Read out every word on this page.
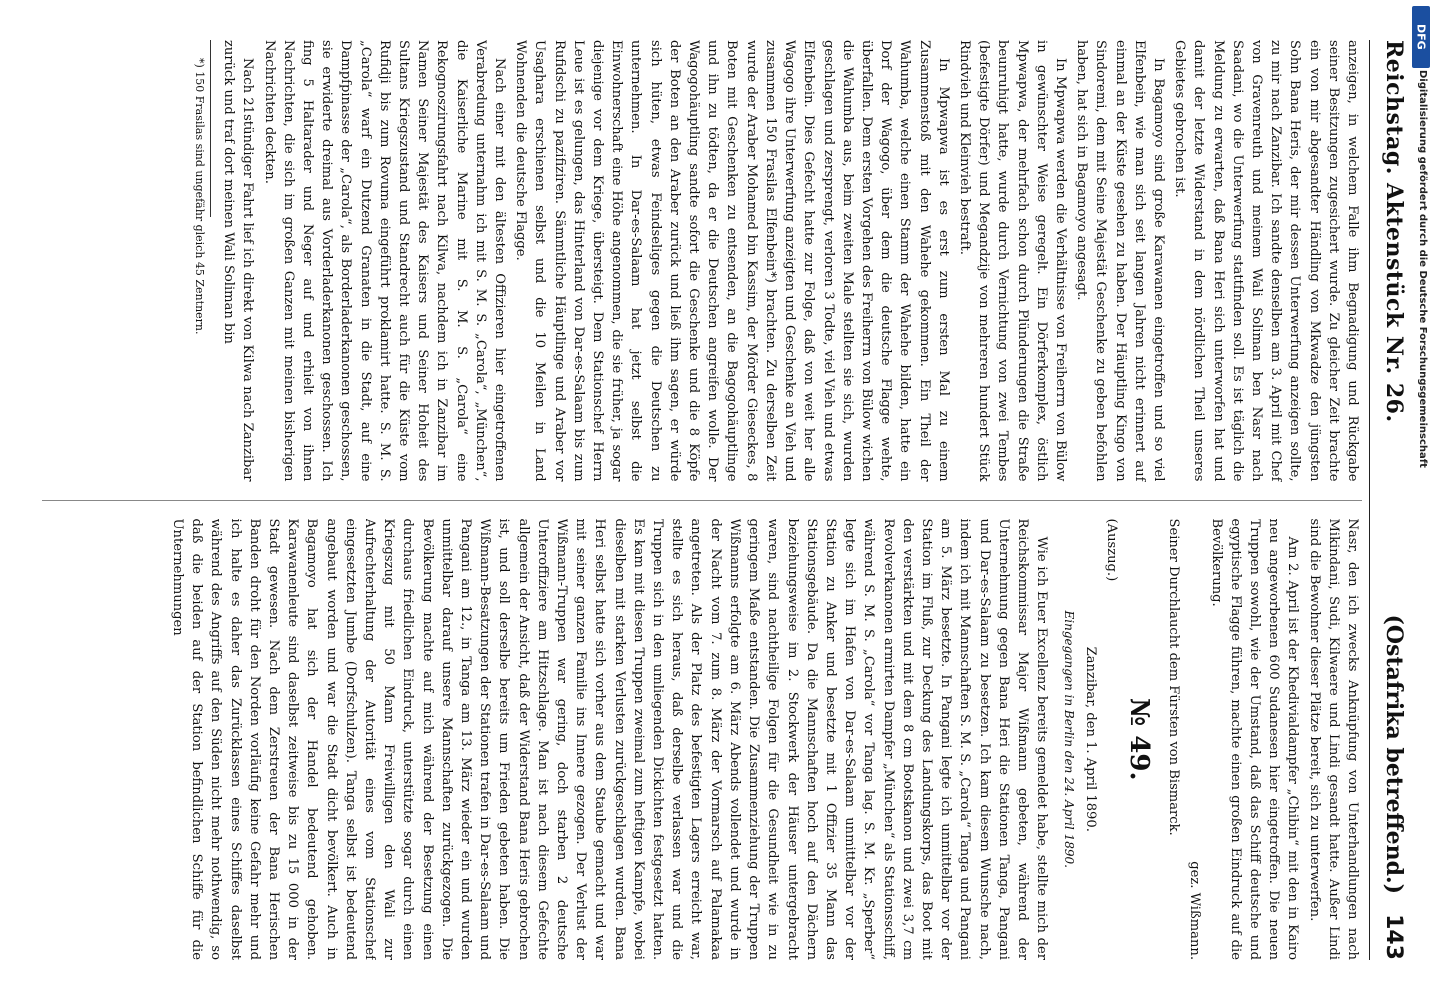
Reichstag. Aktenstück Nr. 26.
(Ostafrika betreffend.)
143

anzeigen, in welchem Falle ihm Begnadigung und Rückgabe seiner Besitzungen zugesichert wurde. Zu gleicher Zeit brachte ein von mir abgesandter Händling von Mkwadze den jüngsten Sohn Bana Heris, der mir dessen Unterwerfung anzeigen sollte, zu mir nach Zanzibar. Ich sandte denselben am 3. April mit Chef von Gravenreuth und meinem Wali Soliman ben Nasr nach Saadani, wo die Unterwerfung stattfinden soll. Es ist täglich die Meldung zu erwarten, daß Bana Heri sich unterworfen hat und damit der letzte Widerstand in dem nördlichen Theil unseres Gebietes gebrochen ist.

In Bagamoyo sind große Karawanen eingetroffen und so viel Elfenbein, wie man sich seit langen Jahren nicht erinnert auf einmal an der Küste gesehen zu haben. Der Häuptling Kingo von Sindoremi, dem mit Seine Majestät Geschenke zu geben befohlen haben, hat sich in Bagamoyo angesagt.

In Mpwapwa werden die Verhältnisse von Freiherrn von Bülow in gewünschter Weise geregelt. Ein Dörferkomplex, östlich Mpwapwa, der mehrfach schon durch Plünderungen die Straße beunruhigt hatte, wurde durch Vernichtung von zwei Tembes (befestigte Dörfer) und Megandzije von mehreren hundert Stück Rindvieh und Kleinvieh bestraft.

In Mpwapwa ist es erst zum ersten Mal zu einem Zusammenstoß mit den Wahehe gekommen. Ein Theil der Wahumba, welche einen Stamm der Wahehe bilden, hatte ein Dorf der Wagogo, über dem die deutsche Flagge wehte, überfallen. Dem ersten Vorgehen des Freiherrn von Bülow wichen die Wahumba aus, beim zweiten Male stellten sie sich, wurden geschlagen und zersprengt, verloren 3 Todte, viel Vieh und etwas Elfenbein. Dies Gefecht hatte zur Folge, daß von weit her alle Wagogo ihre Unterwerfung anzeigten und Geschenke an Vieh und zusammen 150 Frasilas Elfenbein*) brachten. Zu derselben Zeit wurde der Araber Mohamed bin Kassim, der Mörder Gieseckes, 8 Boten mit Geschenken zu entsenden, an die Bagogohäuptlinge und ihn zu tödten, da er die Deutschen angreifen wolle. Der Wagogohäuptling sandte sofort die Geschenke und die 8 Köpfe der Boten an den Araber zurück und ließ ihm sagen, er würde sich hüten, etwas Feindseliges gegen die Deutschen zu unternehmen. In Dar-es-Salaam hat jetzt selbst die Einwohnerschaft eine Höhe angenommen, die sie früher, ja sogar diejenige vor dem Kriege, übersteigt. Dem Stationschef Herrn Leue ist es gelungen, das Hinterland von Dar-es-Salaam bis zum Rufidschi zu pazifiziren. Sämmtliche Häuptlinge und Araber vor Usaghara erschienen selbst und die 10 Meilen in Land Wohnenden die deutsche Flagge.

Nach einer mit den ältesten Offizieren hier eingetroffenen Verabredung unternahm ich mit S. M. S. „Carola“, „München“, die Kaiserliche Marine mit S. M. S. „Carola“ eine Rekognoszirungsfahrt nach Kilwa, nachdem ich in Zanzibar im Namen Seiner Majestät des Kaisers und Seiner Hoheit des Sultans Kriegszustand und Standrecht auch für die Küste vom Rufidji bis zum Rovuma eingeführt proklamirt hatte. S. M. S. „Carola“ warf ein Dutzend Granaten in die Stadt, auf eine Dampfpinasse der „Carola“, als Borderladerkanonen geschossen, sie erwiderte dreimal aus Vorderladerkanonen geschossen. Ich fing 5 Haltarader und Neger auf und erhielt von ihnen Nachrichten, die sich im großen Ganzen mit meinen bisherigen Nachrichten deckten.

Nach 21stündiger Fahrt lief ich direkt von Kilwa nach Zanzibar zurück und traf dort meinen Wali Soliman bin

*) 150 Frasilas sind ungefähr gleich 45 Zentnern.

Nasr, den ich zwecks Anknüpfung von Unterhandlungen nach Mikindani, Sudi, Kilwaere und Lindi gesandt hatte. Außer Lindi sind die Bewohner dieser Plätze bereit, sich zu unterwerfen.

Am 2. April ist der Khedivialdampfer „Chibin“ mit den in Kairo neu angeworbenen 600 Sudanesen hier eingetroffen. Die neuen Truppen sowohl, wie der Umstand, daß das Schiff deutsche und egyptische Flagge führen, machte einen großen Eindruck auf die Bevölkerung.

gez. Wißmann.

Seiner Durchlaucht dem Fürsten von Bismarck.

№ 49.

(Auszug.)

Zanzibar, den 1. April 1890.

Eingegangen in Berlin den 24. April 1890.

Wie ich Euer Excellenz bereits gemeldet habe, stellte mich der Reichskommissar Major Wißmann gebeten, während der Unternehmung gegen Bana Heri die Stationen Tanga, Pangani und Dar-es-Salaam zu besetzen. Ich kam diesem Wunsche nach, indem ich mit Mannschaften S. M. S. „Carola“ Tanga und Pangani am 5. März besetzte. In Pangani legte ich unmittelbar vor der Station im Fluß, zur Deckung des Landungskorps, das Boot mit den verstärkten und mit dem 8 cm Bootskanon und zwei 3,7 cm Revolverkanonen armirten Dampfer „München“ als Stationsschiff, während S. M. S. „Carola“ vor Tanga lag. S. M. Kr. „Sperber“ legte sich im Hafen von Dar-es-Salaam unmittelbar vor der Station zu Anker und besetzte mit 1 Offizier 35 Mann das Stationsgebäude. Da die Mannschaften hoch auf den Dächern beziehungsweise im 2. Stockwerk der Häuser untergebracht waren, sind nachtheilige Folgen für die Gesundheit wie in zu geringem Maße entstanden. Die Zusammenziehung der Truppen Wißmanns erfolgte am 6. März Abends vollendet und wurde in der Nacht vom 7. zum 8. März der Vormarsch auf Palamakaa angetreten. Als der Platz des befestigten Lagers erreicht war, stellte es sich heraus, daß derselbe verlassen war und die Truppen sich in den umliegenden Dickichten festgesetzt hatten. Es kam mit diesen Truppen zweimal zum heftigen Kampfe, wobei dieselben mit starken Verlusten zurückgeschlagen wurden. Bana Heri selbst hatte sich vorher aus dem Staube gemacht und war mit seiner ganzen Familie ins Innere gezogen. Der Verlust der Wißmann-Truppen war gering, doch starben 2 deutsche Unteroffiziere am Hitzschlage. Man ist nach diesem Gefechte allgemein der Ansicht, daß der Widerstand Bana Heris gebrochen ist, und soll derselbe bereits um Frieden gebeten haben. Die Wißmann-Besatzungen der Stationen trafen in Dar-es-Salaam und Pangani am 12., in Tanga am 13. März wieder ein und wurden unmittelbar darauf unsere Mannschaften zurückgezogen. Die Bevölkerung machte auf mich während der Besetzung einen durchaus friedlichen Eindruck, unterstützte sogar durch einen Kriegszug mit 50 Mann Freiwilligen den Wali zur Aufrechterhaltung der Autorität eines vom Stationschef eingesetzten Jumbe (Dorfschulzen). Tanga selbst ist bedeutend angebaut worden und war die Stadt dicht bevölkert. Auch in Bagamoyo hat sich der Handel bedeutend gehoben. Karawanenleute sind daselbst zeitweise bis zu 15 000 in der Stadt gewesen. Nach dem Zerstreuen der Bana Herischen Banden droht für den Norden vorläufig keine Gefahr mehr und ich halte es daher das Zurücklassen eines Schiffes daselbst während des Angriffs auf den Süden nicht mehr nothwendig, so daß die beiden auf der Station befindlichen Schiffe für die Unternehmungen

DFG
Digitalisierung gefördert durch die Deutsche Forschungsgemeinschaft
